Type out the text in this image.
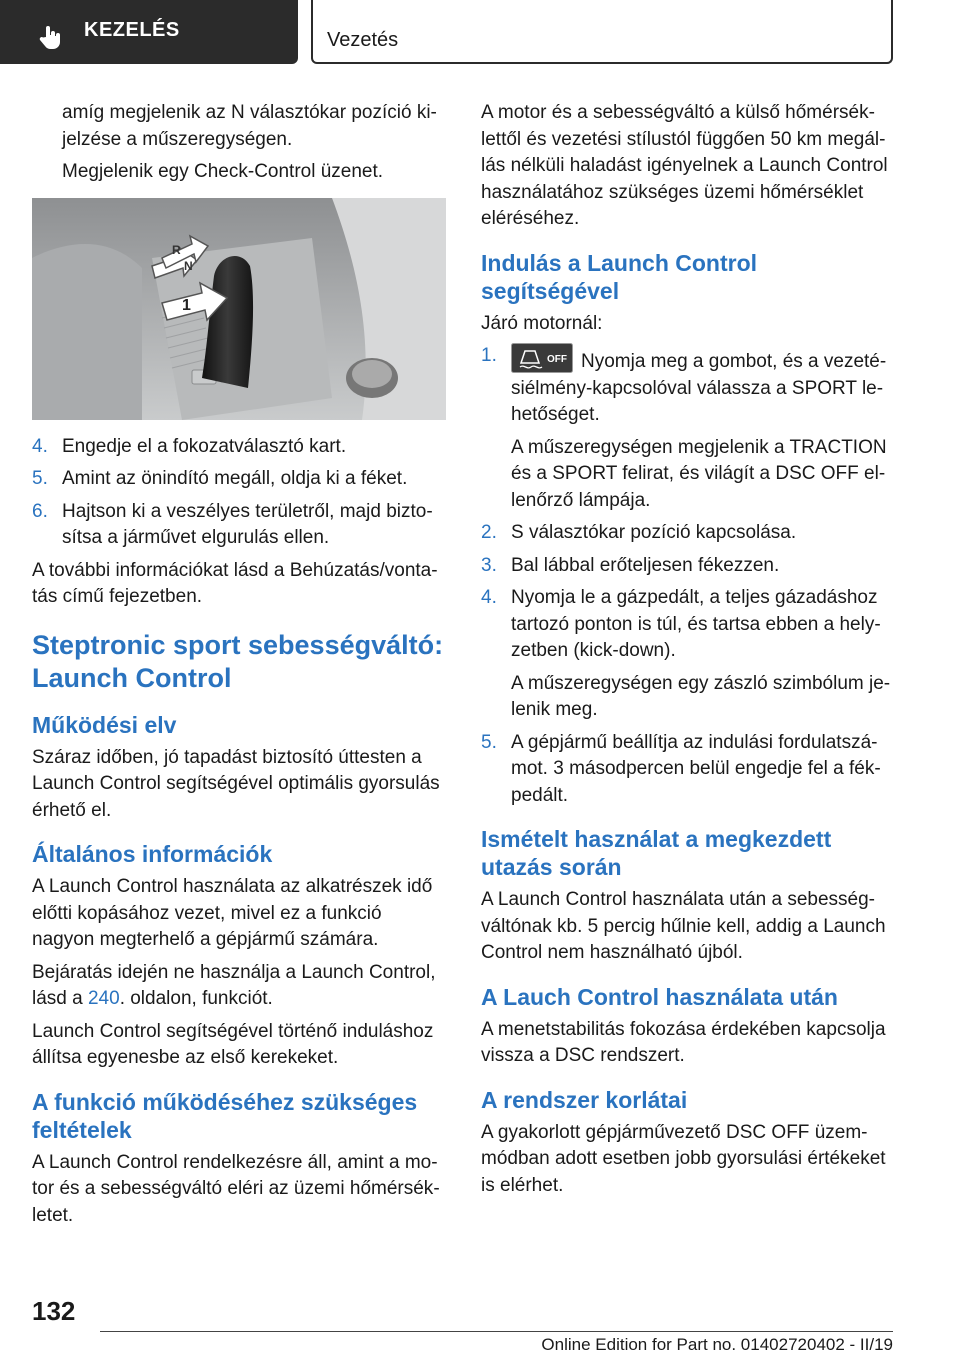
KEZELÉS	Vezetés

amíg megjelenik az N választókar pozíció kijelzése a műszeregységen.

Megjelenik egy Check-Control üzenet.

R
N
1
4. Engedje el a fokozatválasztó kart.
5. Amint az önindító megáll, oldja ki a féket.
6. Hajtson ki a veszélyes területről, majd biztosítsa a járművet elgurulás ellen.

A további információkat lásd a Behúzatás/vontatás című fejezetben.

Steptronic sport sebességváltó: Launch Control
Működési elv

Száraz időben, jó tapadást biztosító úttesten a Launch Control segítségével optimális gyorsulás érhető el.

Általános információk

A Launch Control használata az alkatrészek idő előtti kopásához vezet, mivel ez a funkció nagyon megterhelő a gépjármű számára.

Bejáratás idején ne használja a Launch Control, lásd a 240. oldalon, funkciót.

Launch Control segítségével történő induláshoz állítsa egyenesbe az első kerekeket.

A funkció működéséhez szükséges feltételek

A Launch Control rendelkezésre áll, amint a motor és a sebességváltó eléri az üzemi hőmérsékletet.

A motor és a sebességváltó a külső hőmérséklettől és vezetési stílustól függően 50 km megállás nélküli haladást igényelnek a Launch Control használatához szükséges üzemi hőmérséklet eléréséhez.

Indulás a Launch Control segítségével

Járó motornál:

1.	OFF Nyomja meg a gombot, és a vezetésiélmény-kapcsolóval válassza a SPORT lehetőséget.

A műszeregységen megjelenik a TRACTION és a SPORT felirat, és világít a DSC OFF ellenőrző lámpája.

2. S választókar pozíció kapcsolása.
3. Bal lábbal erőteljesen fékezzen.
4. Nyomja le a gázpedált, a teljes gázadáshoz tartozó ponton is túl, és tartsa ebben a helyzetben (kick-down).

A műszeregységen egy zászló szimbólum jelenik meg.

5. A gépjármű beállítja az indulási fordulatszámot. 3 másodpercen belül engedje fel a fékpedált.
Ismételt használat a megkezdett utazás során

A Launch Control használata után a sebességváltónak kb. 5 percig hűlnie kell, addig a Launch Control nem használható újból.

A Lauch Control használata után

A menetstabilitás fokozása érdekében kapcsolja vissza a DSC rendszert.

A rendszer korlátai

A gyakorlott gépjárművezető DSC OFF üzemmódban adott esetben jobb gyorsulási értékeket is elérhet.

132
Online Edition for Part no. 01402720402 - II/19
